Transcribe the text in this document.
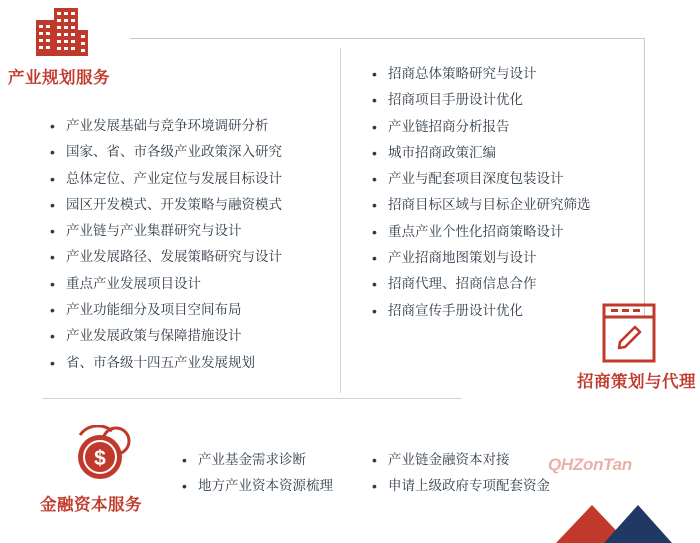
产业规划服务
• 产业发展基础与竞争环境调研分析
• 国家、省、市各级产业政策深入研究
• 总体定位、产业定位与发展目标设计
• 园区开发模式、开发策略与融资模式
• 产业链与产业集群研究与设计
• 产业发展路径、发展策略研究与设计
• 重点产业发展项目设计
• 产业功能细分及项目空间布局
• 产业发展政策与保障措施设计
• 省、市各级十四五产业发展规划
• 招商总体策略研究与设计
• 招商项目手册设计优化
• 产业链招商分析报告
• 城市招商政策汇编
• 产业与配套项目深度包装设计
• 招商目标区域与目标企业研究筛选
• 重点产业个性化招商策略设计
• 产业招商地图策划与设计
• 招商代理、招商信息合作
• 招商宣传手册设计优化
招商策划与代理
$
金融资本服务
• 产业基金需求诊断
• 地方产业资本资源梳理
• 产业链金融资本对接
• 申请上级政府专项配套资金
QHZonTan
